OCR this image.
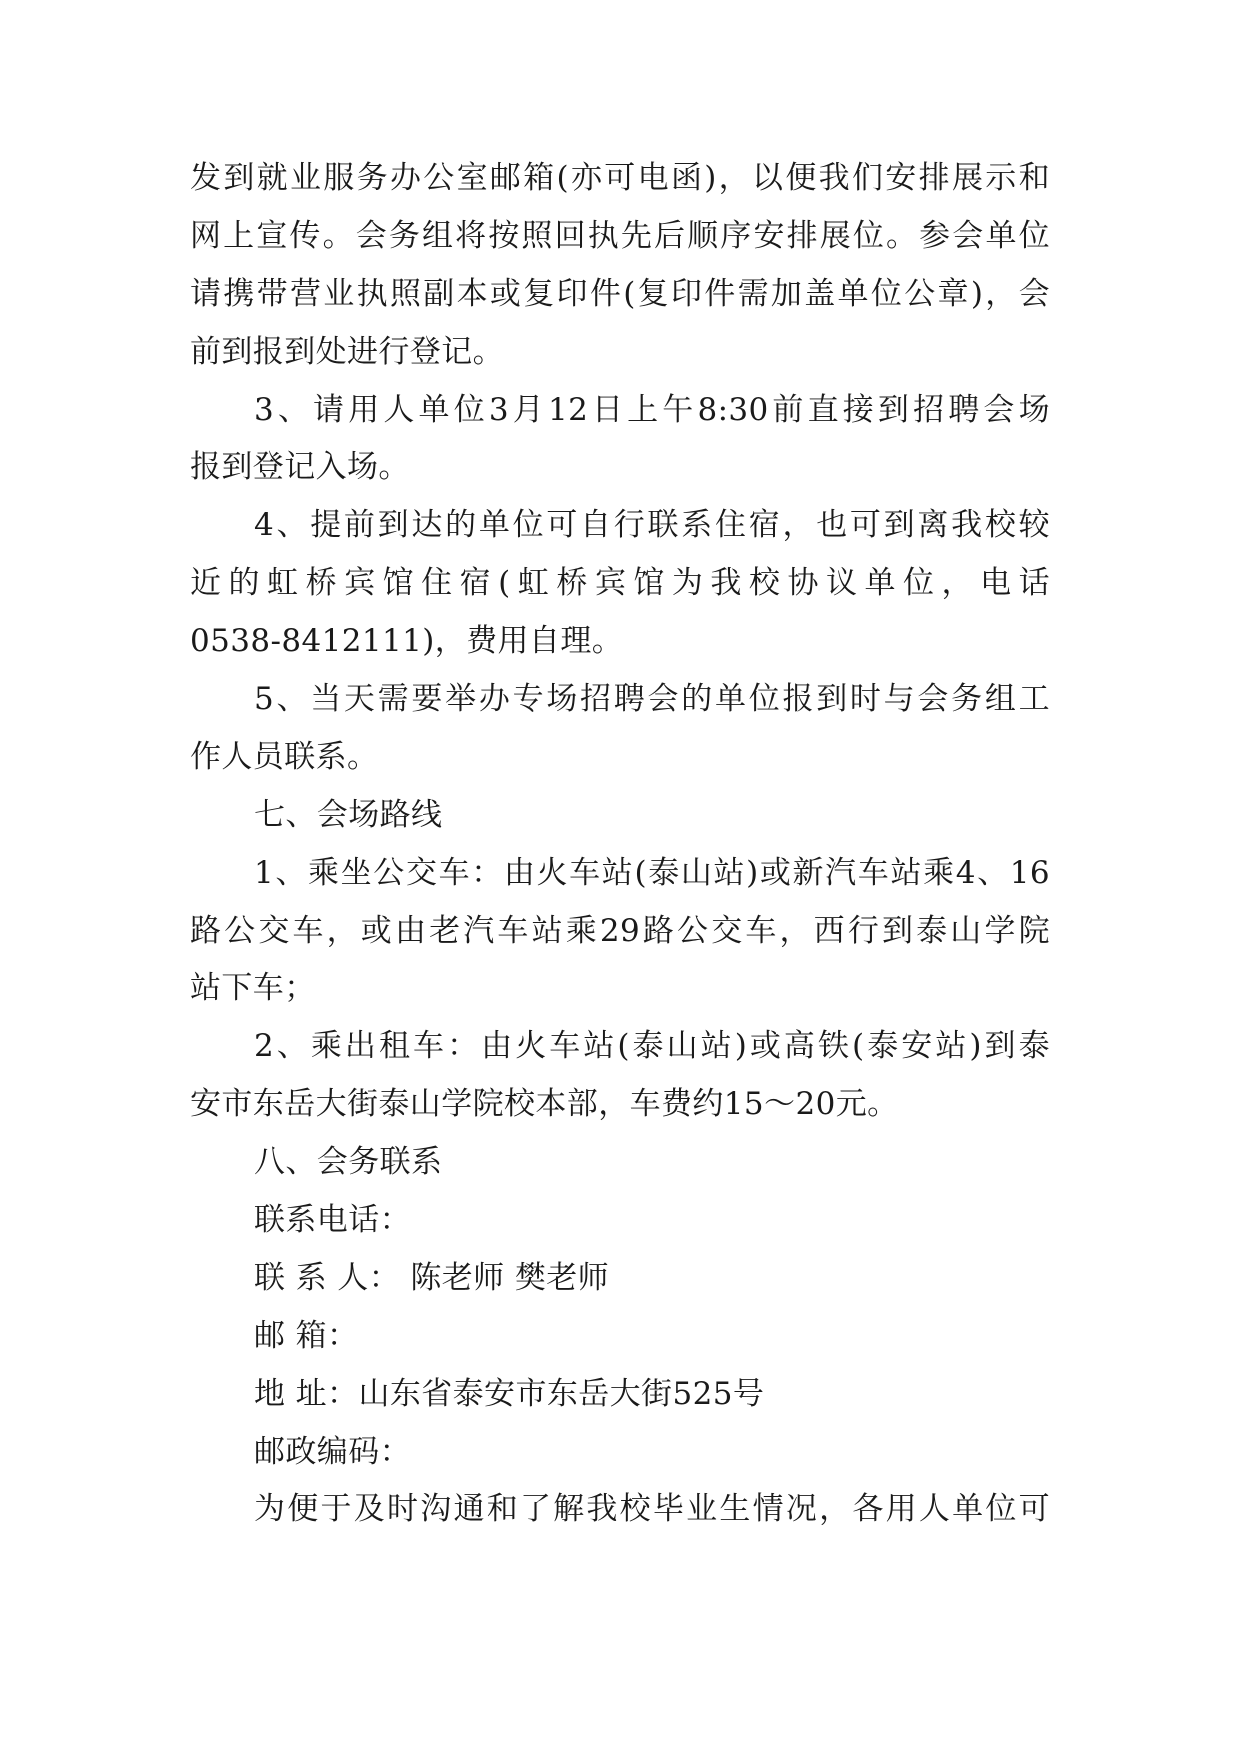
发到就业服务办公室邮箱(亦可电函)，以便我们安排展示和
网上宣传。会务组将按照回执先后顺序安排展位。参会单位
请携带营业执照副本或复印件(复印件需加盖单位公章)，会
前到报到处进行登记。
3、请用人单位3月12日上午8:30前直接到招聘会场
报到登记入场。
4、提前到达的单位可自行联系住宿，也可到离我校较
近的虹桥宾馆住宿(虹桥宾馆为我校协议单位，电话
0538-8412111)，费用自理。
5、当天需要举办专场招聘会的单位报到时与会务组工
作人员联系。
七、会场路线
1、乘坐公交车：由火车站(泰山站)或新汽车站乘4、16
路公交车，或由老汽车站乘29路公交车，西行到泰山学院
站下车；
2、乘出租车：由火车站(泰山站)或高铁(泰安站)到泰
安市东岳大街泰山学院校本部，车费约15～20元。
八、会务联系
联系电话：
联 系 人： 陈老师 樊老师
邮 箱：
地 址：山东省泰安市东岳大街525号
邮政编码：
为便于及时沟通和了解我校毕业生情况，各用人单位可
